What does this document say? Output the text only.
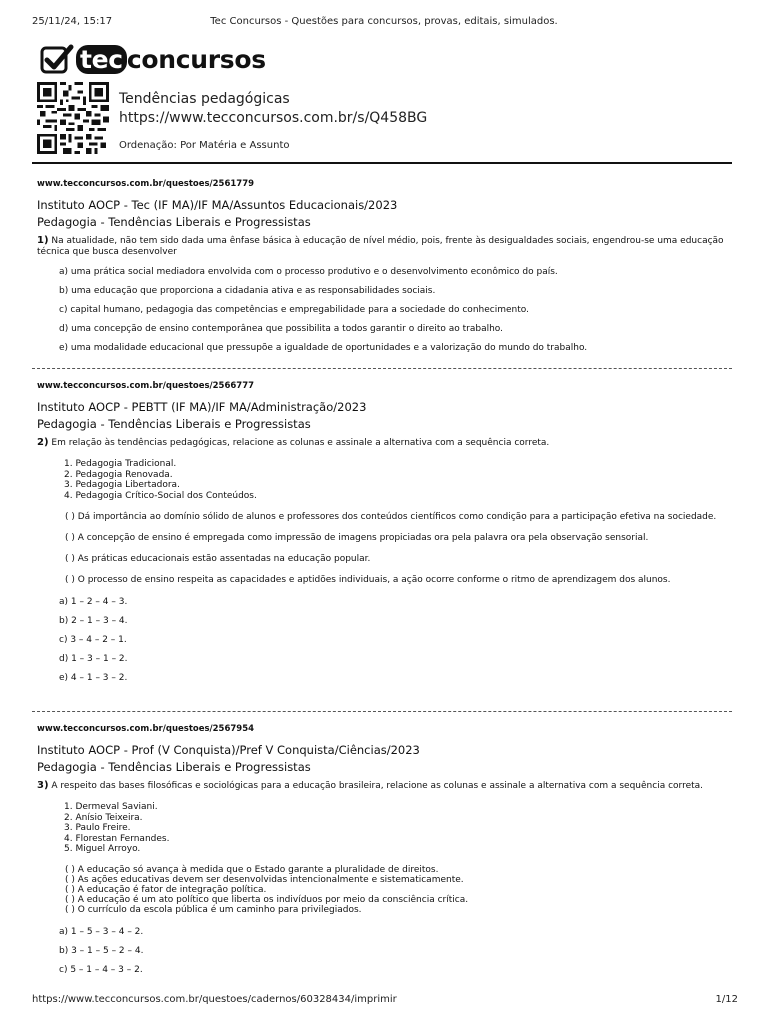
25/11/24, 15:17	Tec Concursos - Questões para concursos, provas, editais, simulados.
tec concursos
Tendências pedagógicas
https://www.tecconcursos.com.br/s/Q458BG
Ordenação: Por Matéria e Assunto
www.tecconcursos.com.br/questoes/2561779
Instituto AOCP - Tec (IF MA)/IF MA/Assuntos Educacionais/2023
Pedagogia - Tendências Liberais e Progressistas
1) Na atualidade, não tem sido dada uma ênfase básica à educação de nível médio, pois, frente às desigualdades sociais, engendrou-se uma educação técnica que busca desenvolver
a) uma prática social mediadora envolvida com o processo produtivo e o desenvolvimento econômico do país.
b) uma educação que proporciona a cidadania ativa e as responsabilidades sociais.
c) capital humano, pedagogia das competências e empregabilidade para a sociedade do conhecimento.
d) uma concepção de ensino contemporânea que possibilita a todos garantir o direito ao trabalho.
e) uma modalidade educacional que pressupõe a igualdade de oportunidades e a valorização do mundo do trabalho.
www.tecconcursos.com.br/questoes/2566777
Instituto AOCP - PEBTT (IF MA)/IF MA/Administração/2023
Pedagogia - Tendências Liberais e Progressistas
2) Em relação às tendências pedagógicas, relacione as colunas e assinale a alternativa com a sequência correta.
1. Pedagogia Tradicional.
2. Pedagogia Renovada.
3. Pedagogia Libertadora.
4. Pedagogia Crítico-Social dos Conteúdos.
( ) Dá importância ao domínio sólido de alunos e professores dos conteúdos científicos como condição para a participação efetiva na sociedade.
( ) A concepção de ensino é empregada como impressão de imagens propiciadas ora pela palavra ora pela observação sensorial.
( ) As práticas educacionais estão assentadas na educação popular.
( ) O processo de ensino respeita as capacidades e aptidões individuais, a ação ocorre conforme o ritmo de aprendizagem dos alunos.
a) 1 – 2 – 4 – 3.
b) 2 – 1 – 3 – 4.
c) 3 – 4 – 2 – 1.
d) 1 – 3 – 1 – 2.
e) 4 – 1 – 3 – 2.
www.tecconcursos.com.br/questoes/2567954
Instituto AOCP - Prof (V Conquista)/Pref V Conquista/Ciências/2023
Pedagogia - Tendências Liberais e Progressistas
3) A respeito das bases filosóficas e sociológicas para a educação brasileira, relacione as colunas e assinale a alternativa com a sequência correta.
1. Dermeval Saviani.
2. Anísio Teixeira.
3. Paulo Freire.
4. Florestan Fernandes.
5. Miguel Arroyo.
( ) A educação só avança à medida que o Estado garante a pluralidade de direitos.
( ) As ações educativas devem ser desenvolvidas intencionalmente e sistematicamente.
( ) A educação é fator de integração política.
( ) A educação é um ato político que liberta os indivíduos por meio da consciência crítica.
( ) O currículo da escola pública é um caminho para privilegiados.
a) 1 – 5 – 3 – 4 – 2.
b) 3 – 1 – 5 – 2 – 4.
c) 5 – 1 – 4 – 3 – 2.
https://www.tecconcursos.com.br/questoes/cadernos/60328434/imprimir	1/12
